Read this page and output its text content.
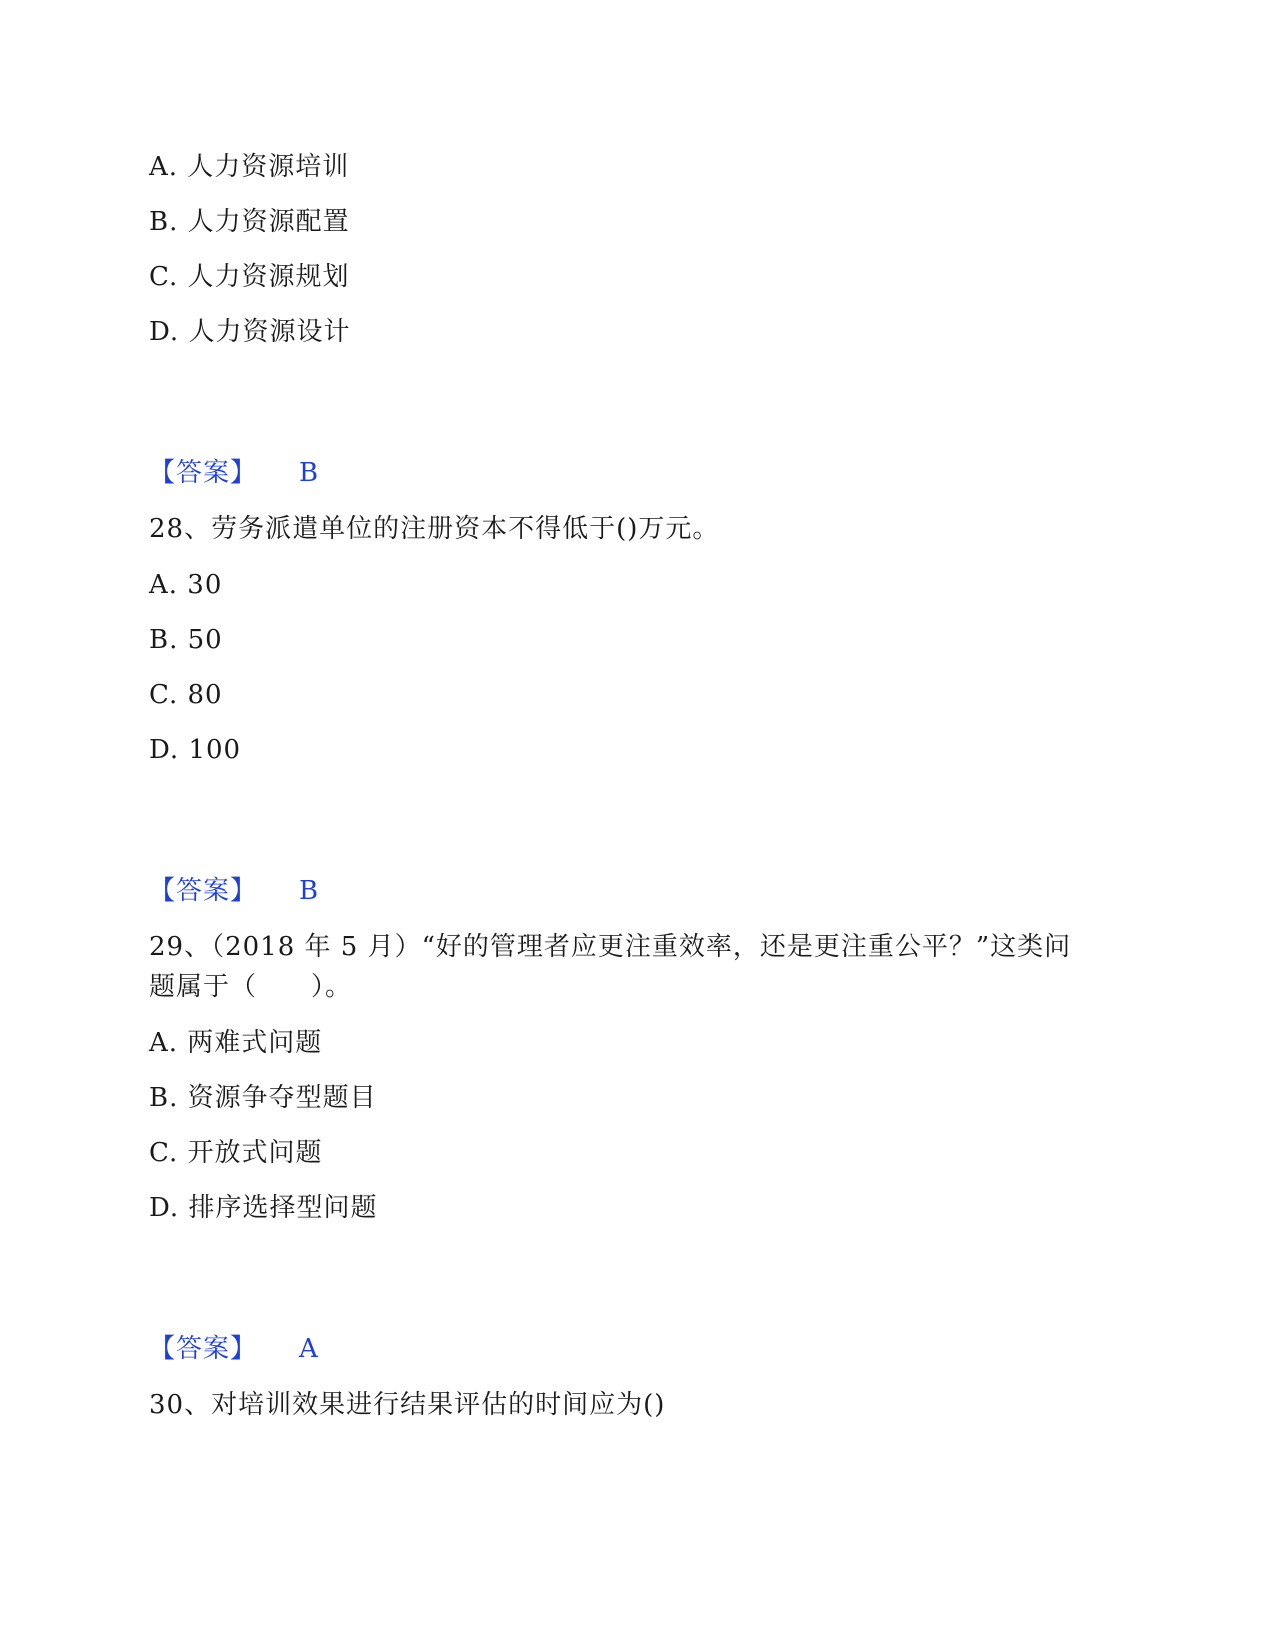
A. 人力资源培训
B. 人力资源配置
C. 人力资源规划
D. 人力资源设计
【答案】 B
28、劳务派遣单位的注册资本不得低于()万元。
A. 30
B. 50
C. 80
D. 100
【答案】 B
29、（2018 年 5 月）“好的管理者应更注重效率，还是更注重公平？”这类问
题属于（　　）。
A. 两难式问题
B. 资源争夺型题目
C. 开放式问题
D. 排序选择型问题
【答案】 A
30、对培训效果进行结果评估的时间应为()
